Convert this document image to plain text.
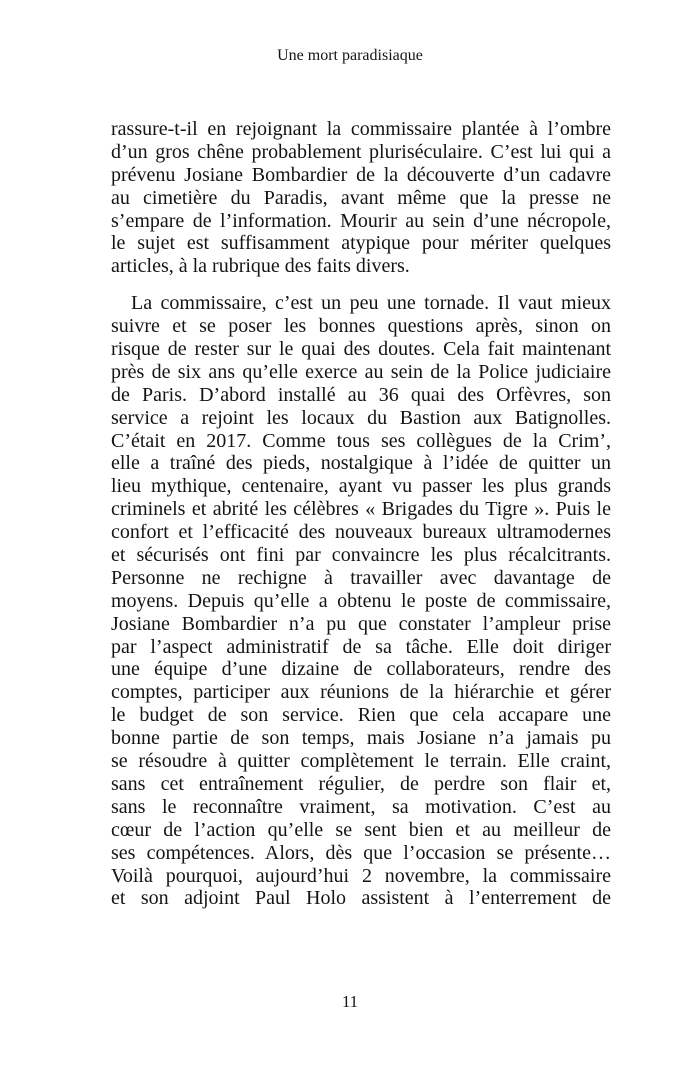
Une mort paradisiaque
rassure-t-il en rejoignant la commissaire plantée à l’ombre
d’un gros chêne probablement pluriséculaire. C’est lui qui a
prévenu Josiane Bombardier de la découverte d’un cadavre
au cimetière du Paradis, avant même que la presse ne
s’empare de l’information. Mourir au sein d’une nécropole,
le sujet est suffisamment atypique pour mériter quelques
articles, à la rubrique des faits divers.
La commissaire, c’est un peu une tornade. Il vaut mieux
suivre et se poser les bonnes questions après, sinon on
risque de rester sur le quai des doutes. Cela fait maintenant
près de six ans qu’elle exerce au sein de la Police judiciaire
de Paris. D’abord installé au 36 quai des Orfèvres, son
service a rejoint les locaux du Bastion aux Batignolles.
C’était en 2017. Comme tous ses collègues de la Crim’,
elle a traîné des pieds, nostalgique à l’idée de quitter un
lieu mythique, centenaire, ayant vu passer les plus grands
criminels et abrité les célèbres « Brigades du Tigre ». Puis le
confort et l’efficacité des nouveaux bureaux ultramodernes
et sécurisés ont fini par convaincre les plus récalcitrants.
Personne ne rechigne à travailler avec davantage de
moyens. Depuis qu’elle a obtenu le poste de commissaire,
Josiane Bombardier n’a pu que constater l’ampleur prise
par l’aspect administratif de sa tâche. Elle doit diriger
une équipe d’une dizaine de collaborateurs, rendre des
comptes, participer aux réunions de la hiérarchie et gérer
le budget de son service. Rien que cela accapare une
bonne partie de son temps, mais Josiane n’a jamais pu
se résoudre à quitter complètement le terrain. Elle craint,
sans cet entraînement régulier, de perdre son flair et,
sans le reconnaître vraiment, sa motivation. C’est au
cœur de l’action qu’elle se sent bien et au meilleur de
ses compétences. Alors, dès que l’occasion se présente…
Voilà pourquoi, aujourd’hui 2 novembre, la commissaire
et son adjoint Paul Holo assistent à l’enterrement de
11
